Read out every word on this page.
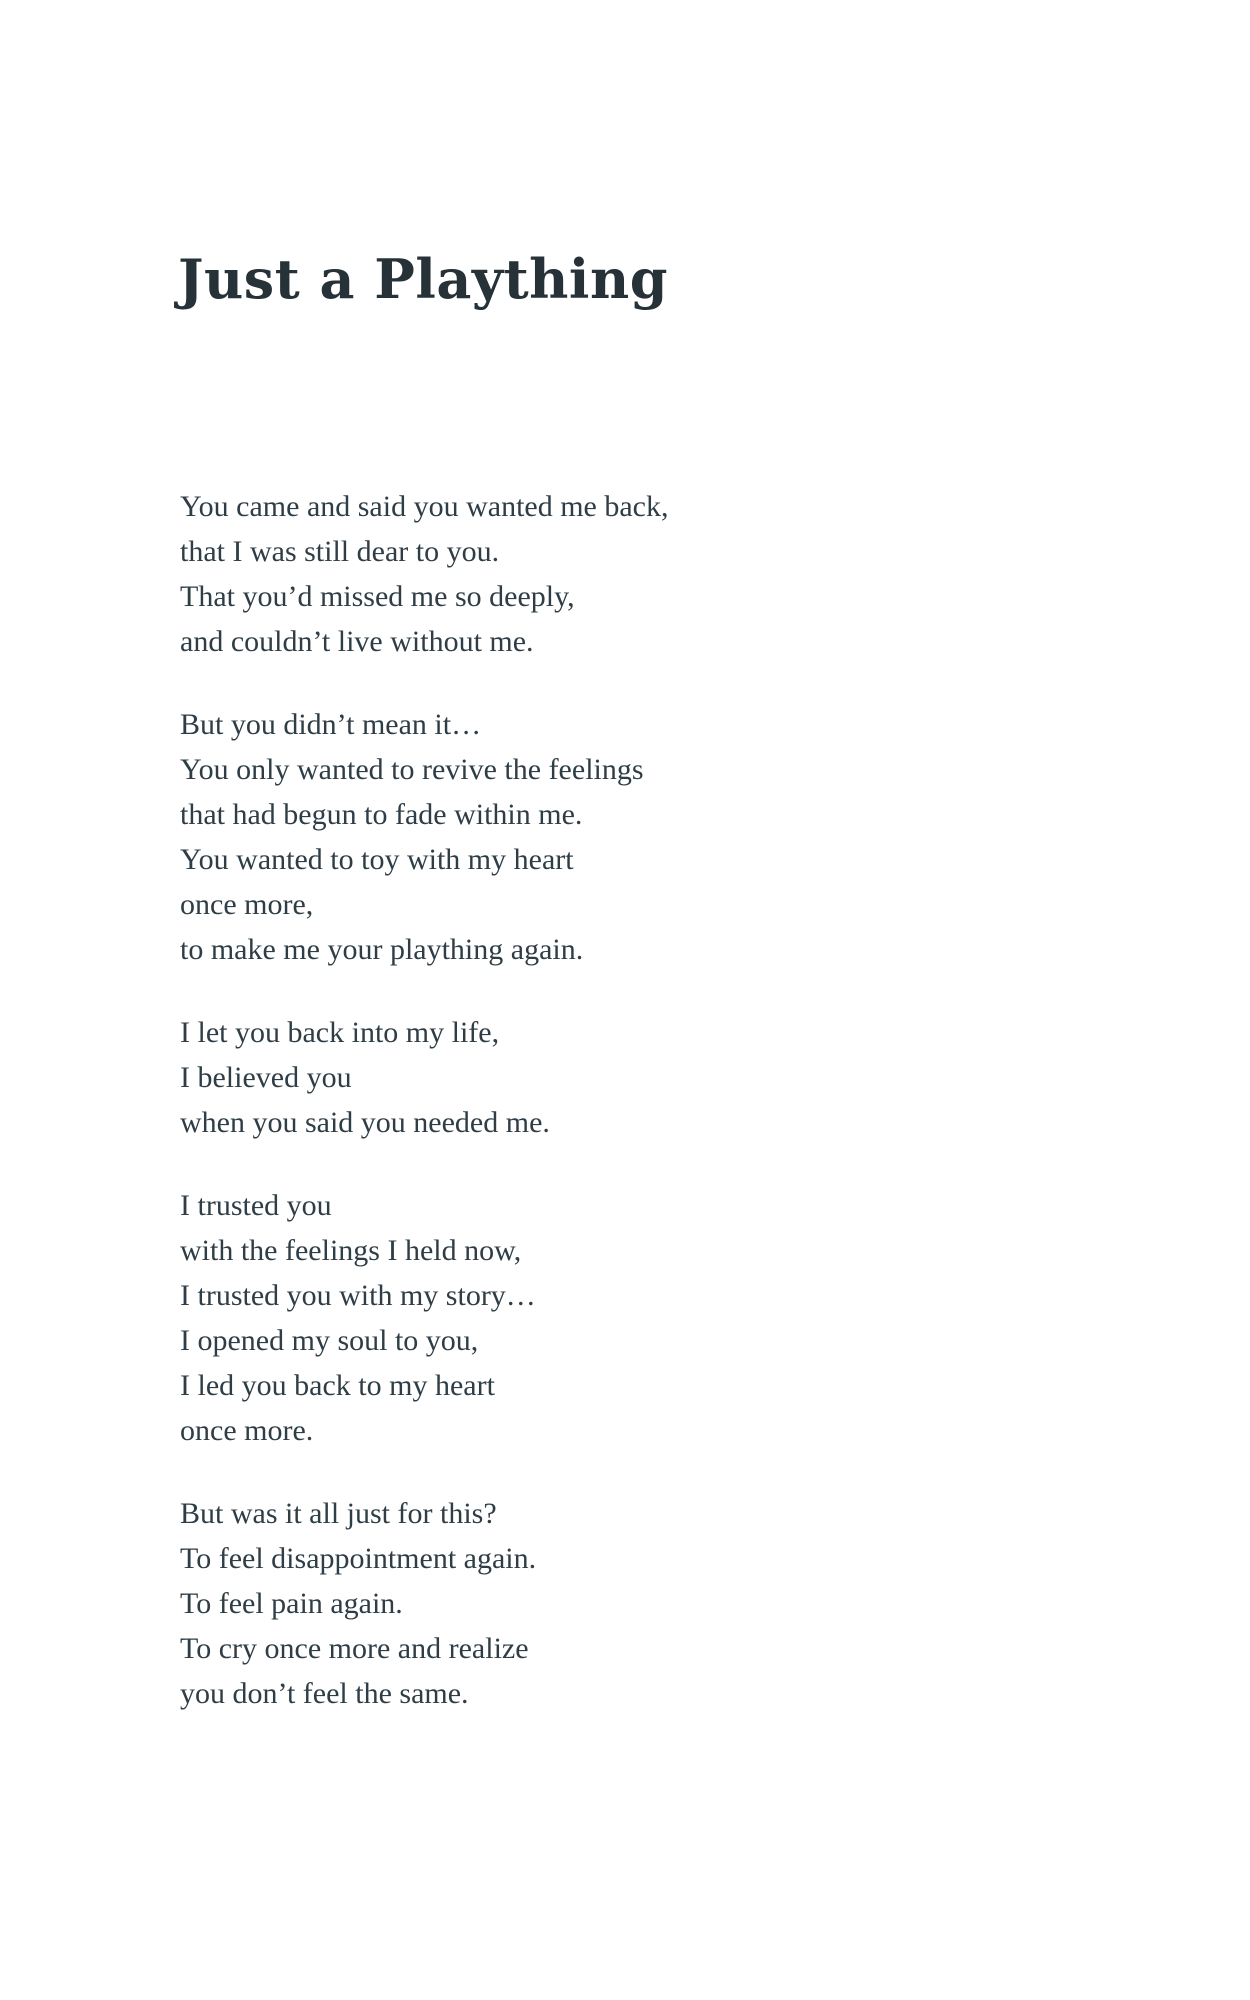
Just a Plaything
You came and said you wanted me back,
that I was still dear to you.
That you’d missed me so deeply,
and couldn’t live without me.
But you didn’t mean it…
You only wanted to revive the feelings
that had begun to fade within me.
You wanted to toy with my heart
once more,
to make me your plaything again.
I let you back into my life,
I believed you
when you said you needed me.
I trusted you
with the feelings I held now,
I trusted you with my story…
I opened my soul to you,
I led you back to my heart
once more.
But was it all just for this?
To feel disappointment again.
To feel pain again.
To cry once more and realize
you don’t feel the same.
